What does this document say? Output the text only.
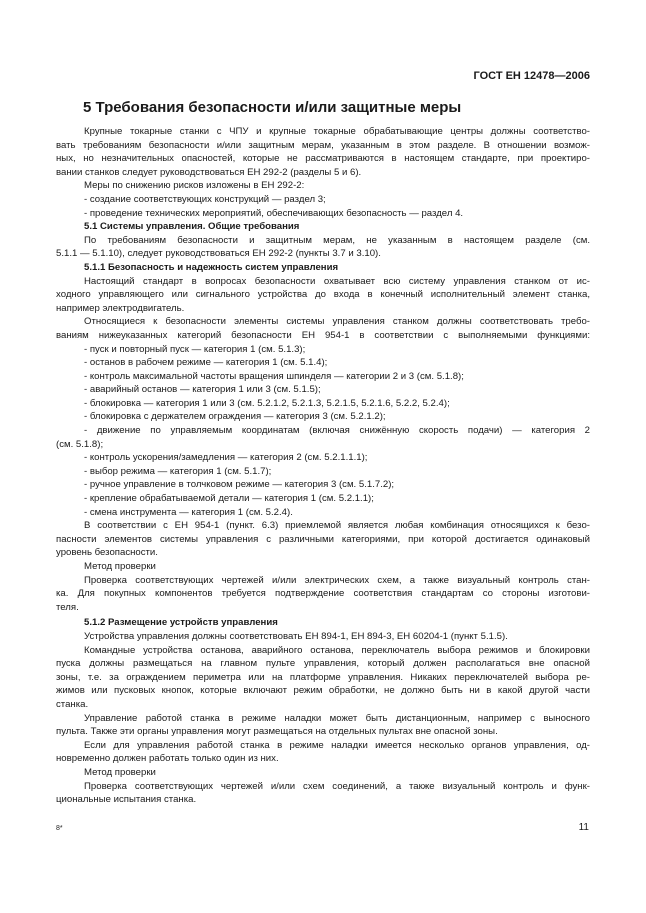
ГОСТ ЕН 12478—2006
5 Требования безопасности и/или защитные меры

Крупные токарные станки с ЧПУ и крупные токарные обрабатывающие центры должны соответство-

вать требованиям безопасности и/или защитным мерам, указанным в этом разделе. В отношении возмож-

ных, но незначительных опасностей, которые не рассматриваются в настоящем стандарте, при проектиро-

вании станков следует руководствоваться ЕН 292-2 (разделы 5 и 6).

Меры по снижению рисков изложены в ЕН 292-2:

- создание соответствующих конструкций — раздел 3;

- проведение технических мероприятий, обеспечивающих безопасность — раздел 4.

5.1 Системы управления. Общие требования

По требованиям безопасности и защитным мерам, не указанным в настоящем разделе (см.

5.1.1 — 5.1.10), следует руководствоваться ЕН 292-2 (пункты 3.7 и 3.10).

5.1.1 Безопасность и надежность систем управления

Настоящий стандарт в вопросах безопасности охватывает всю систему управления станком от ис-

ходного управляющего или сигнального устройства до входа в конечный исполнительный элемент станка,

например электродвигатель.

Относящиеся к безопасности элементы системы управления станком должны соответствовать требо-

ваниям нижеуказанных категорий безопасности ЕН 954-1 в соответствии с выполняемыми функциями:

- пуск и повторный пуск — категория 1 (см. 5.1.3);

- останов в рабочем режиме — категория 1 (см. 5.1.4);

- контроль максимальной частоты вращения шпинделя — категории 2 и 3 (см. 5.1.8);

- аварийный останов — категория 1 или 3 (см. 5.1.5);

- блокировка — категория 1 или 3 (см. 5.2.1.2, 5.2.1.3, 5.2.1.5, 5.2.1.6, 5.2.2, 5.2.4);

- блокировка с держателем ограждения — категория 3 (см. 5.2.1.2);

- движение по управляемым координатам (включая снижённую скорость подачи) — категория 2

(см. 5.1.8);

- контроль ускорения/замедления — категория 2 (см. 5.2.1.1.1);

- выбор режима — категория 1 (см. 5.1.7);

- ручное управление в толчковом режиме — категория 3 (см. 5.1.7.2);

- крепление обрабатываемой детали — категория 1 (см. 5.2.1.1);

- смена инструмента — категория 1 (см. 5.2.4).

В соответствии с ЕН 954-1 (пункт. 6.3) приемлемой является любая комбинация относящихся к безо-

пасности элементов системы управления с различными категориями, при которой достигается одинаковый

уровень безопасности.

Метод проверки

Проверка соответствующих чертежей и/или электрических схем, а также визуальный контроль стан-

ка. Для покупных компонентов требуется подтверждение соответствия стандартам со стороны изготови-

теля.

5.1.2 Размещение устройств управления

Устройства управления должны соответствовать ЕН 894-1, ЕН 894-3, ЕН 60204-1 (пункт 5.1.5).

Командные устройства останова, аварийного останова, переключатель выбора режимов и блокировки

пуска должны размещаться на главном пульте управления, который должен располагаться вне опасной

зоны, т.е. за ограждением периметра или на платформе управления. Никаких переключателей выбора ре-

жимов или пусковых кнопок, которые включают режим обработки, не должно быть ни в какой другой части

станка.

Управление работой станка в режиме наладки может быть дистанционным, например с выносного

пульта. Также эти органы управления могут размещаться на отдельных пультах вне опасной зоны.

Если для управления работой станка в режиме наладки имеется несколько органов управления, од-

новременно должен работать только один из них.

Метод проверки

Проверка соответствующих чертежей и/или схем соединений, а также визуальный контроль и функ-

циональные испытания станка.

8*	11
